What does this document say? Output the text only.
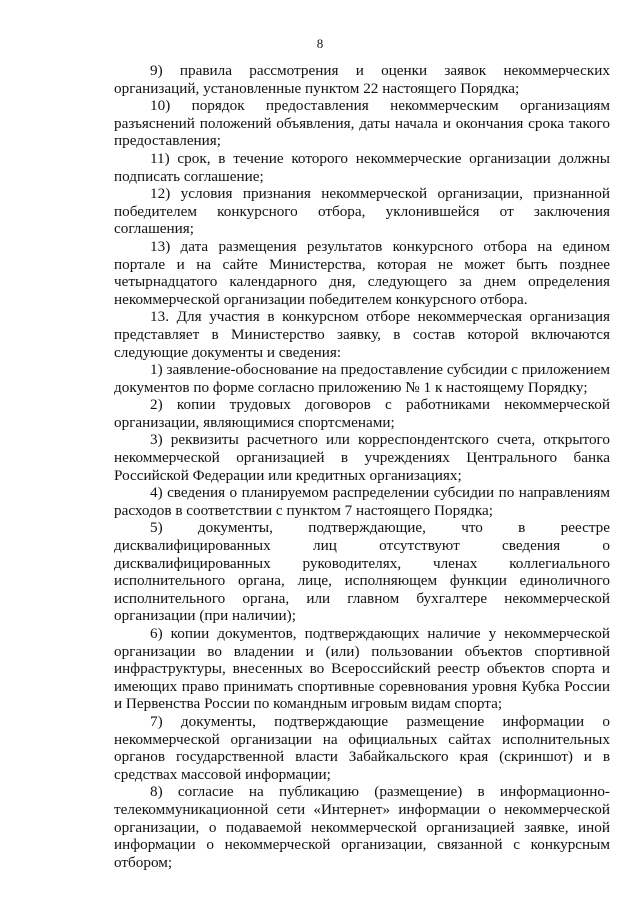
8

9) правила рассмотрения и оценки заявок некоммерческих организаций, установленные пунктом 22 настоящего Порядка;

10) порядок предоставления некоммерческим организациям разъяснений положений объявления, даты начала и окончания срока такого предоставления;

11) срок, в течение которого некоммерческие организации должны подписать соглашение;

12) условия признания некоммерческой организации, признанной победителем конкурсного отбора, уклонившейся от заключения соглашения;

13) дата размещения результатов конкурсного отбора на едином портале и на сайте Министерства, которая не может быть позднее четырнадцатого календарного дня, следующего за днем определения некоммерческой организации победителем конкурсного отбора.

13. Для участия в конкурсном отборе некоммерческая организация представляет в Министерство заявку, в состав которой включаются следующие документы и сведения:

1) заявление-обоснование на предоставление субсидии с приложением документов по форме согласно приложению № 1 к настоящему Порядку;

2) копии трудовых договоров с работниками некоммерческой организации, являющимися спортсменами;

3) реквизиты расчетного или корреспондентского счета, открытого некоммерческой организацией в учреждениях Центрального банка Российской Федерации или кредитных организациях;

4) сведения о планируемом распределении субсидии по направлениям расходов в соответствии с пунктом 7 настоящего Порядка;

5) документы, подтверждающие, что в реестре дисквалифицированных лиц отсутствуют сведения о дисквалифицированных руководителях, членах коллегиального исполнительного органа, лице, исполняющем функции единоличного исполнительного органа, или главном бухгалтере некоммерческой организации (при наличии);

6) копии документов, подтверждающих наличие у некоммерческой организации во владении и (или) пользовании объектов спортивной инфраструктуры, внесенных во Всероссийский реестр объектов спорта и имеющих право принимать спортивные соревнования уровня Кубка России и Первенства России по командным игровым видам спорта;

7) документы, подтверждающие размещение информации о некоммерческой организации на официальных сайтах исполнительных органов государственной власти Забайкальского края (скриншот) и в средствах массовой информации;

8) согласие на публикацию (размещение) в информационно-телекоммуникационной сети «Интернет» информации о некоммерческой организации, о подаваемой некоммерческой организацией заявке, иной информации о некоммерческой организации, связанной с конкурсным отбором;
